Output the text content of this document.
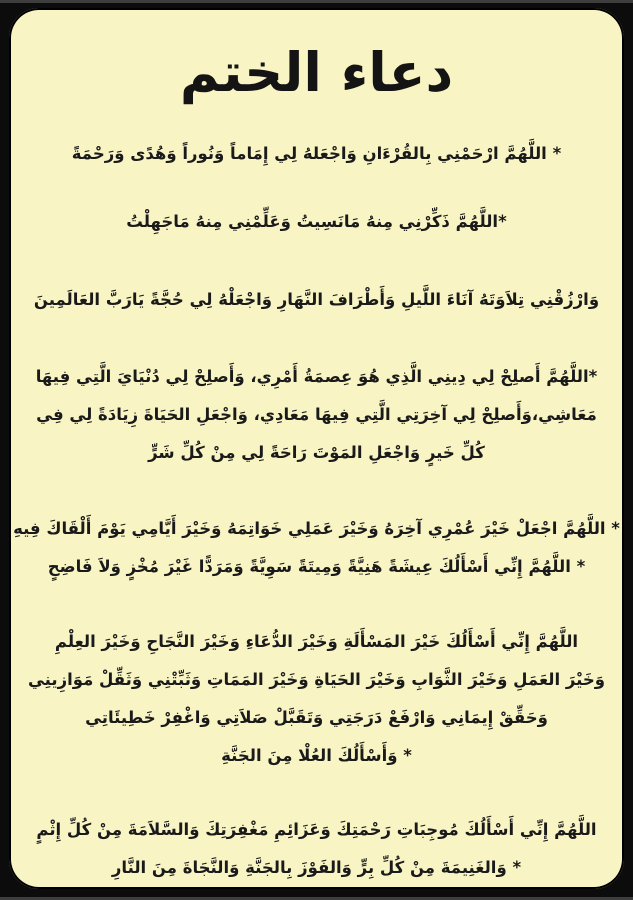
دعاء الختم
* اللَّهُمَّ ارْحَمْنِي بِالقُرْءَانِ وَاجْعَلهُ لِي إِمَاماً وَنُوراً وَهُدًى وَرَحْمَةً
*اللَّهُمَّ ذَكِّرْنِي مِنهُ مَانَسِيتُ وَعَلِّمْنِي مِنهُ مَاجَهِلْتُ
وَارْزُقْنِي تِلاَوَتَهُ آنَاءَ اللَّيلِ وَأَطْرَافَ النَّهَارِ وَاجْعَلْهُ لِي حُجَّةً يَارَبَّ العَالَمِينَ
*اللَّهُمَّ أَصلِحْ لِي دِينِي الَّذِي هُوَ عِصمَةُ أَمْرِي، وَأَصلِحْ لِي دُنْيَايَ الَّتِي فِيهَا
مَعَاشِي،وَأَصلِحْ لِي آخِرَتِي الَّتِي فِيهَا مَعَادِي، وَاجْعَلِ الحَيَاةَ زِيَادَةً لِي فِي
كُلِّ خَيرٍ وَاجْعَلِ المَوْتَ رَاحَةً لِي مِنْ كُلِّ شَرٍّ
* اللَّهُمَّ اجْعَلْ خَيْرَ عُمْرِي آخِرَهُ وَخَيْرَ عَمَلِي خَوَاتِمَهُ وَخَيْرَ أَيَّامِي يَوْمَ أَلْقَاكَ فِيهِ
* اللَّهُمَّ إِنِّي أَسْأَلُكَ عِيشَةً هَنِيَّةً وَمِيتَةً سَوِيَّةً وَمَرَدًّا غَيْرَ مُخْزٍ وَلاَ فَاضِحٍ
اللَّهُمَّ إِنِّي أَسْأَلُكَ خَيْرَ المَسْأَلَةِ وَخَيْرَ الدُّعَاءِ وَخَيْرَ النَّجَاحِ وَخَيْرَ العِلْمِ
وَخَيْرَ العَمَلِ وَخَيْرَ الثَّوَابِ وَخَيْرَ الحَيَاةِ وَخَيْرَ المَمَاتِ وَثَبِّتْنِي وَثَقِّلْ مَوَازِينِي
وَحَقِّقْ إِيمَانِي وَارْفَعْ دَرَجَتِي وَتَقَبَّلْ صَلاَتِي وَاغْفِرْ خَطِيئَاتِي
* وَأَسْأَلُكَ العُلْا مِنَ الجَنَّةِ
اللَّهُمَّ إِنِّي أَسْأَلُكَ مُوجِبَاتِ رَحْمَتِكَ وَعَزَائِمِ مَغْفِرَتِكَ وَالسَّلاَمَةَ مِنْ كُلِّ إِثْمٍ
* وَالغَنِيمَةَ مِنْ كُلِّ بِرٍّ وَالفَوْزَ بِالجَنَّةِ وَالنَّجَاةَ مِنَ النَّارِ
